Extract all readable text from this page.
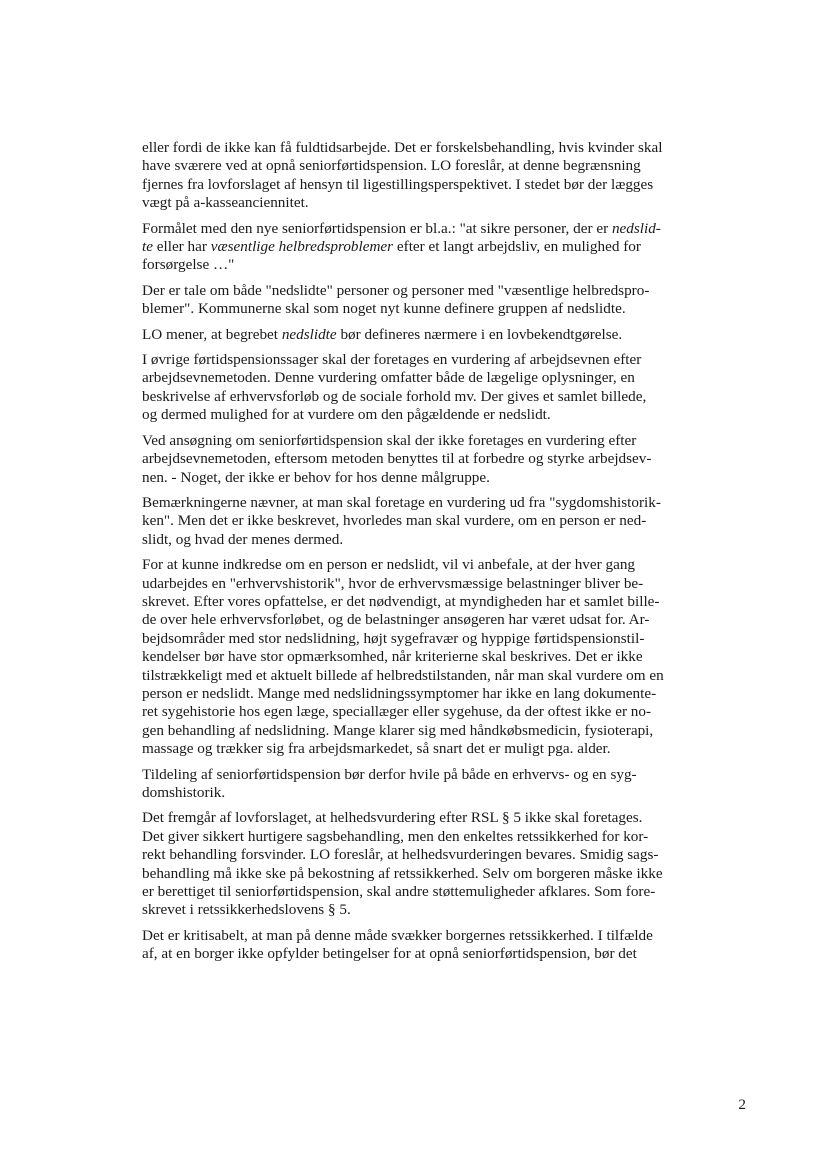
eller fordi de ikke kan få fuldtidsarbejde. Det er forskelsbehandling, hvis kvinder skal
have sværere ved at opnå seniorførtidspension. LO foreslår, at denne begrænsning
fjernes fra lovforslaget af hensyn til ligestillingsperspektivet. I stedet bør der lægges
vægt på a-kasseanciennitet.

Formålet med den nye seniorførtidspension er bl.a.: "at sikre personer, der er nedslid-
te eller har væsentlige helbredsproblemer efter et langt arbejdsliv, en mulighed for
forsørgelse …"

Der er tale om både "nedslidte" personer og personer med "væsentlige helbredspro-
blemer". Kommunerne skal som noget nyt kunne definere gruppen af nedslidte.

LO mener, at begrebet nedslidte bør defineres nærmere i en lovbekendtgørelse.

I øvrige førtidspensionssager skal der foretages en vurdering af arbejdsevnen efter
arbejdsevnemetoden. Denne vurdering omfatter både de lægelige oplysninger, en
beskrivelse af erhvervsforløb og de sociale forhold mv. Der gives et samlet billede,
og dermed mulighed for at vurdere om den pågældende er nedslidt.

Ved ansøgning om seniorførtidspension skal der ikke foretages en vurdering efter
arbejdsevnemetoden, eftersom metoden benyttes til at forbedre og styrke arbejdsev-
nen. - Noget, der ikke er behov for hos denne målgruppe.

Bemærkningerne nævner, at man skal foretage en vurdering ud fra "sygdomshistorik-
ken". Men det er ikke beskrevet, hvorledes man skal vurdere, om en person er ned-
slidt, og hvad der menes dermed.

For at kunne indkredse om en person er nedslidt, vil vi anbefale, at der hver gang
udarbejdes en "erhvervshistorik", hvor de erhvervsmæssige belastninger bliver be-
skrevet. Efter vores opfattelse, er det nødvendigt, at myndigheden har et samlet bille-
de over hele erhvervsforløbet, og de belastninger ansøgeren har været udsat for. Ar-
bejdsområder med stor nedslidning, højt sygefravær og hyppige førtidspensionstil-
kendelser bør have stor opmærksomhed, når kriterierne skal beskrives. Det er ikke
tilstrækkeligt med et aktuelt billede af helbredstilstanden, når man skal vurdere om en
person er nedslidt. Mange med nedslidningssymptomer har ikke en lang dokumente-
ret sygehistorie hos egen læge, speciallæger eller sygehuse, da der oftest ikke er no-
gen behandling af nedslidning. Mange klarer sig med håndkøbsmedicin, fysioterapi,
massage og trækker sig fra arbejdsmarkedet, så snart det er muligt pga. alder.

Tildeling af seniorførtidspension bør derfor hvile på både en erhvervs- og en syg-
domshistorik.

Det fremgår af lovforslaget, at helhedsvurdering efter RSL § 5 ikke skal foretages.
Det giver sikkert hurtigere sagsbehandling, men den enkeltes retssikkerhed for kor-
rekt behandling forsvinder. LO foreslår, at helhedsvurderingen bevares. Smidig sags-
behandling må ikke ske på bekostning af retssikkerhed. Selv om borgeren måske ikke
er berettiget til seniorførtidspension, skal andre støttemuligheder afklares. Som fore-
skrevet i retssikkerhedslovens § 5.

Det er kritisabelt, at man på denne måde svækker borgernes retssikkerhed. I tilfælde
af, at en borger ikke opfylder betingelser for at opnå seniorførtidspension, bør det

2
